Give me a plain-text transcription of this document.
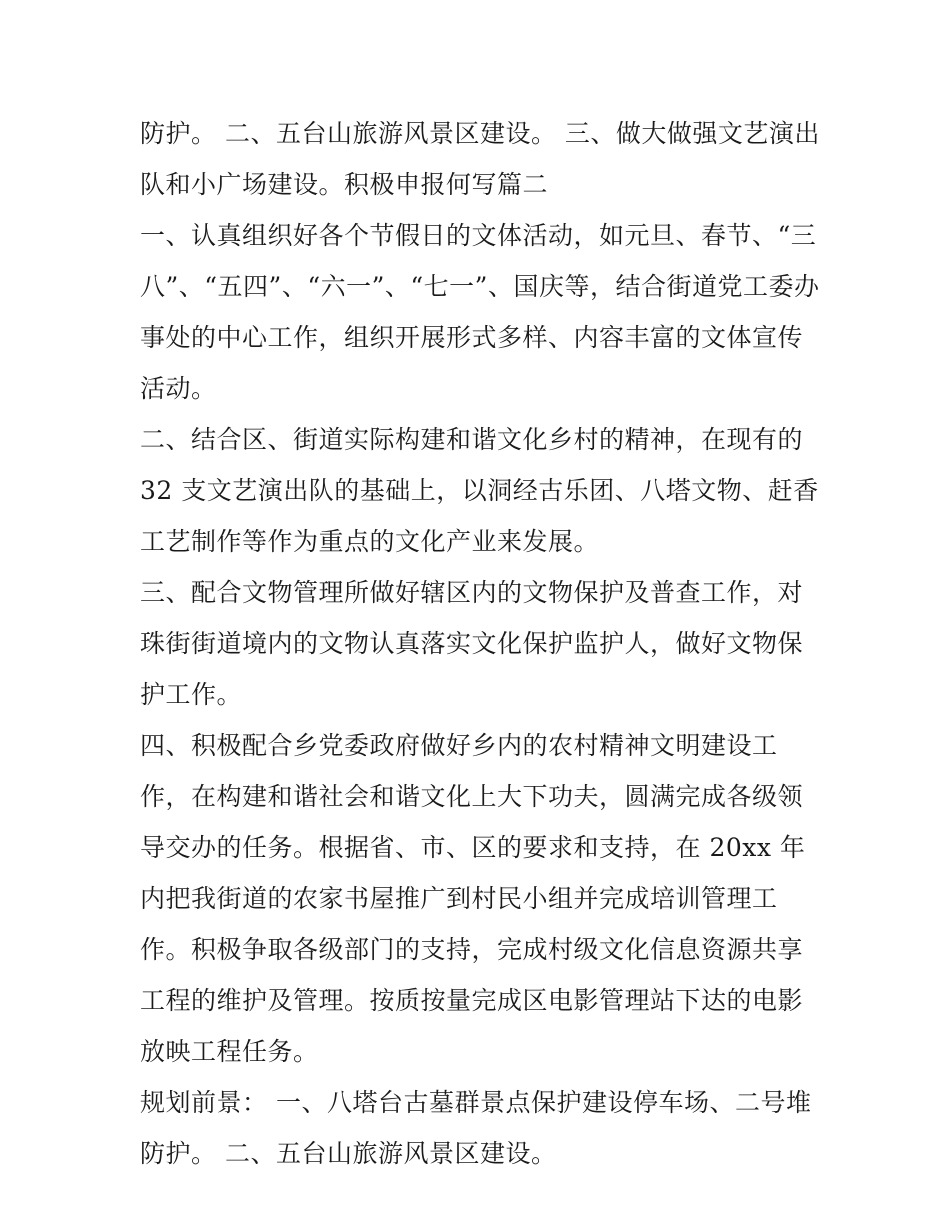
防护。 二、五台山旅游风景区建设。 三、做大做强文艺演出队和小广场建设。积极申报何写篇二

一、认真组织好各个节假日的文体活动，如元旦、春节、“三八”、“五四”、“六一”、“七一”、国庆等，结合街道党工委办事处的中心工作，组织开展形式多样、内容丰富的文体宣传活动。

二、结合区、街道实际构建和谐文化乡村的精神，在现有的 32 支文艺演出队的基础上，以洞经古乐团、八塔文物、赶香工艺制作等作为重点的文化产业来发展。

三、配合文物管理所做好辖区内的文物保护及普查工作，对珠街街道境内的文物认真落实文化保护监护人，做好文物保护工作。

四、积极配合乡党委政府做好乡内的农村精神文明建设工作，在构建和谐社会和谐文化上大下功夫，圆满完成各级领导交办的任务。根据省、市、区的要求和支持，在 20xx 年内把我街道的农家书屋推广到村民小组并完成培训管理工作。积极争取各级部门的支持，完成村级文化信息资源共享工程的维护及管理。按质按量完成区电影管理站下达的电影放映工程任务。

规划前景： 一、八塔台古墓群景点保护建设停车场、二号堆防护。 二、五台山旅游风景区建设。
